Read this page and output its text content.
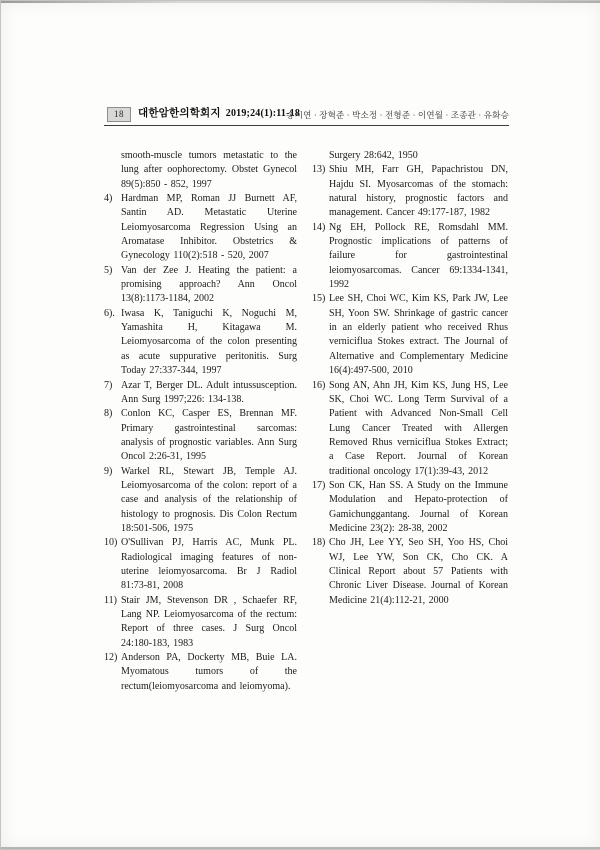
18	대한암한의학회지 2019;24(1):11-18
송시연 · 장혁준 · 박소정 · 전형준 · 이연월 · 조종관 · 유화승

smooth-muscle tumors metastatic to the lung after oophorectomy. Obstet Gynecol 89(5):850 - 852, 1997

4) Hardman MP, Roman JJ Burnett AF, Santin AD. Metastatic Uterine Leiomyosarcoma Regression Using an Aromatase Inhibitor. Obstetrics & Gynecology 110(2):518 - 520, 2007

5) Van der Zee J. Heating the patient: a promising approach? Ann Oncol 13(8):1173-1184, 2002

6). Iwasa K, Taniguchi K, Noguchi M, Yamashita H, Kitagawa M. Leiomyosarcoma of the colon presenting as acute suppurative peritonitis. Surg Today 27:337-344, 1997

7) Azar T, Berger DL. Adult intussusception. Ann Surg 1997;226: 134-138.

8) Conlon KC, Casper ES, Brennan MF. Primary gastrointestinal sarcomas: analysis of prognostic variables. Ann Surg Oncol 2:26-31, 1995

9) Warkel RL, Stewart JB, Temple AJ. Leiomyosarcoma of the colon: report of a case and analysis of the relationship of histology to prognosis. Dis Colon Rectum 18:501-506, 1975

10) O'Sullivan PJ, Harris AC, Munk PL. Radiological imaging features of non-uterine leiomyosarcoma. Br J Radiol 81:73-81, 2008

11) Stair JM, Stevenson DR , Schaefer RF, Lang NP. Leiomyosarcoma of the rectum: Report of three cases. J Surg Oncol 24:180-183, 1983

12) Anderson PA, Dockerty MB, Buie LA. Myomatous tumors of the rectum(leiomyosarcoma and leiomyoma).

Surgery 28:642, 1950

13) Shiu MH, Farr GH, Papachristou DN, Hajdu SI. Myosarcomas of the stomach: natural history, prognostic factors and management. Cancer 49:177-187, 1982

14) Ng EH, Pollock RE, Romsdahl MM. Prognostic implications of patterns of failure for gastrointestinal leiomyosarcomas. Cancer 69:1334-1341, 1992

15) Lee SH, Choi WC, Kim KS, Park JW, Lee SH, Yoon SW. Shrinkage of gastric cancer in an elderly patient who received Rhus verniciflua Stokes extract. The Journal of Alternative and Complementary Medicine 16(4):497-500, 2010

16) Song AN, Ahn JH, Kim KS, Jung HS, Lee SK, Choi WC. Long Term Survival of a Patient with Advanced Non-Small Cell Lung Cancer Treated with Allergen Removed Rhus verniciflua Stokes Extract; a Case Report. Journal of Korean traditional oncology 17(1):39-43, 2012

17) Son CK, Han SS. A Study on the Immune Modulation and Hepato-protection of Gamichunggantang. Journal of Korean Medicine 23(2): 28-38, 2002

18) Cho JH, Lee YY, Seo SH, Yoo HS, Choi WJ, Lee YW, Son CK, Cho CK. A Clinical Report about 57 Patients with Chronic Liver Disease. Journal of Korean Medicine 21(4):112-21, 2000
